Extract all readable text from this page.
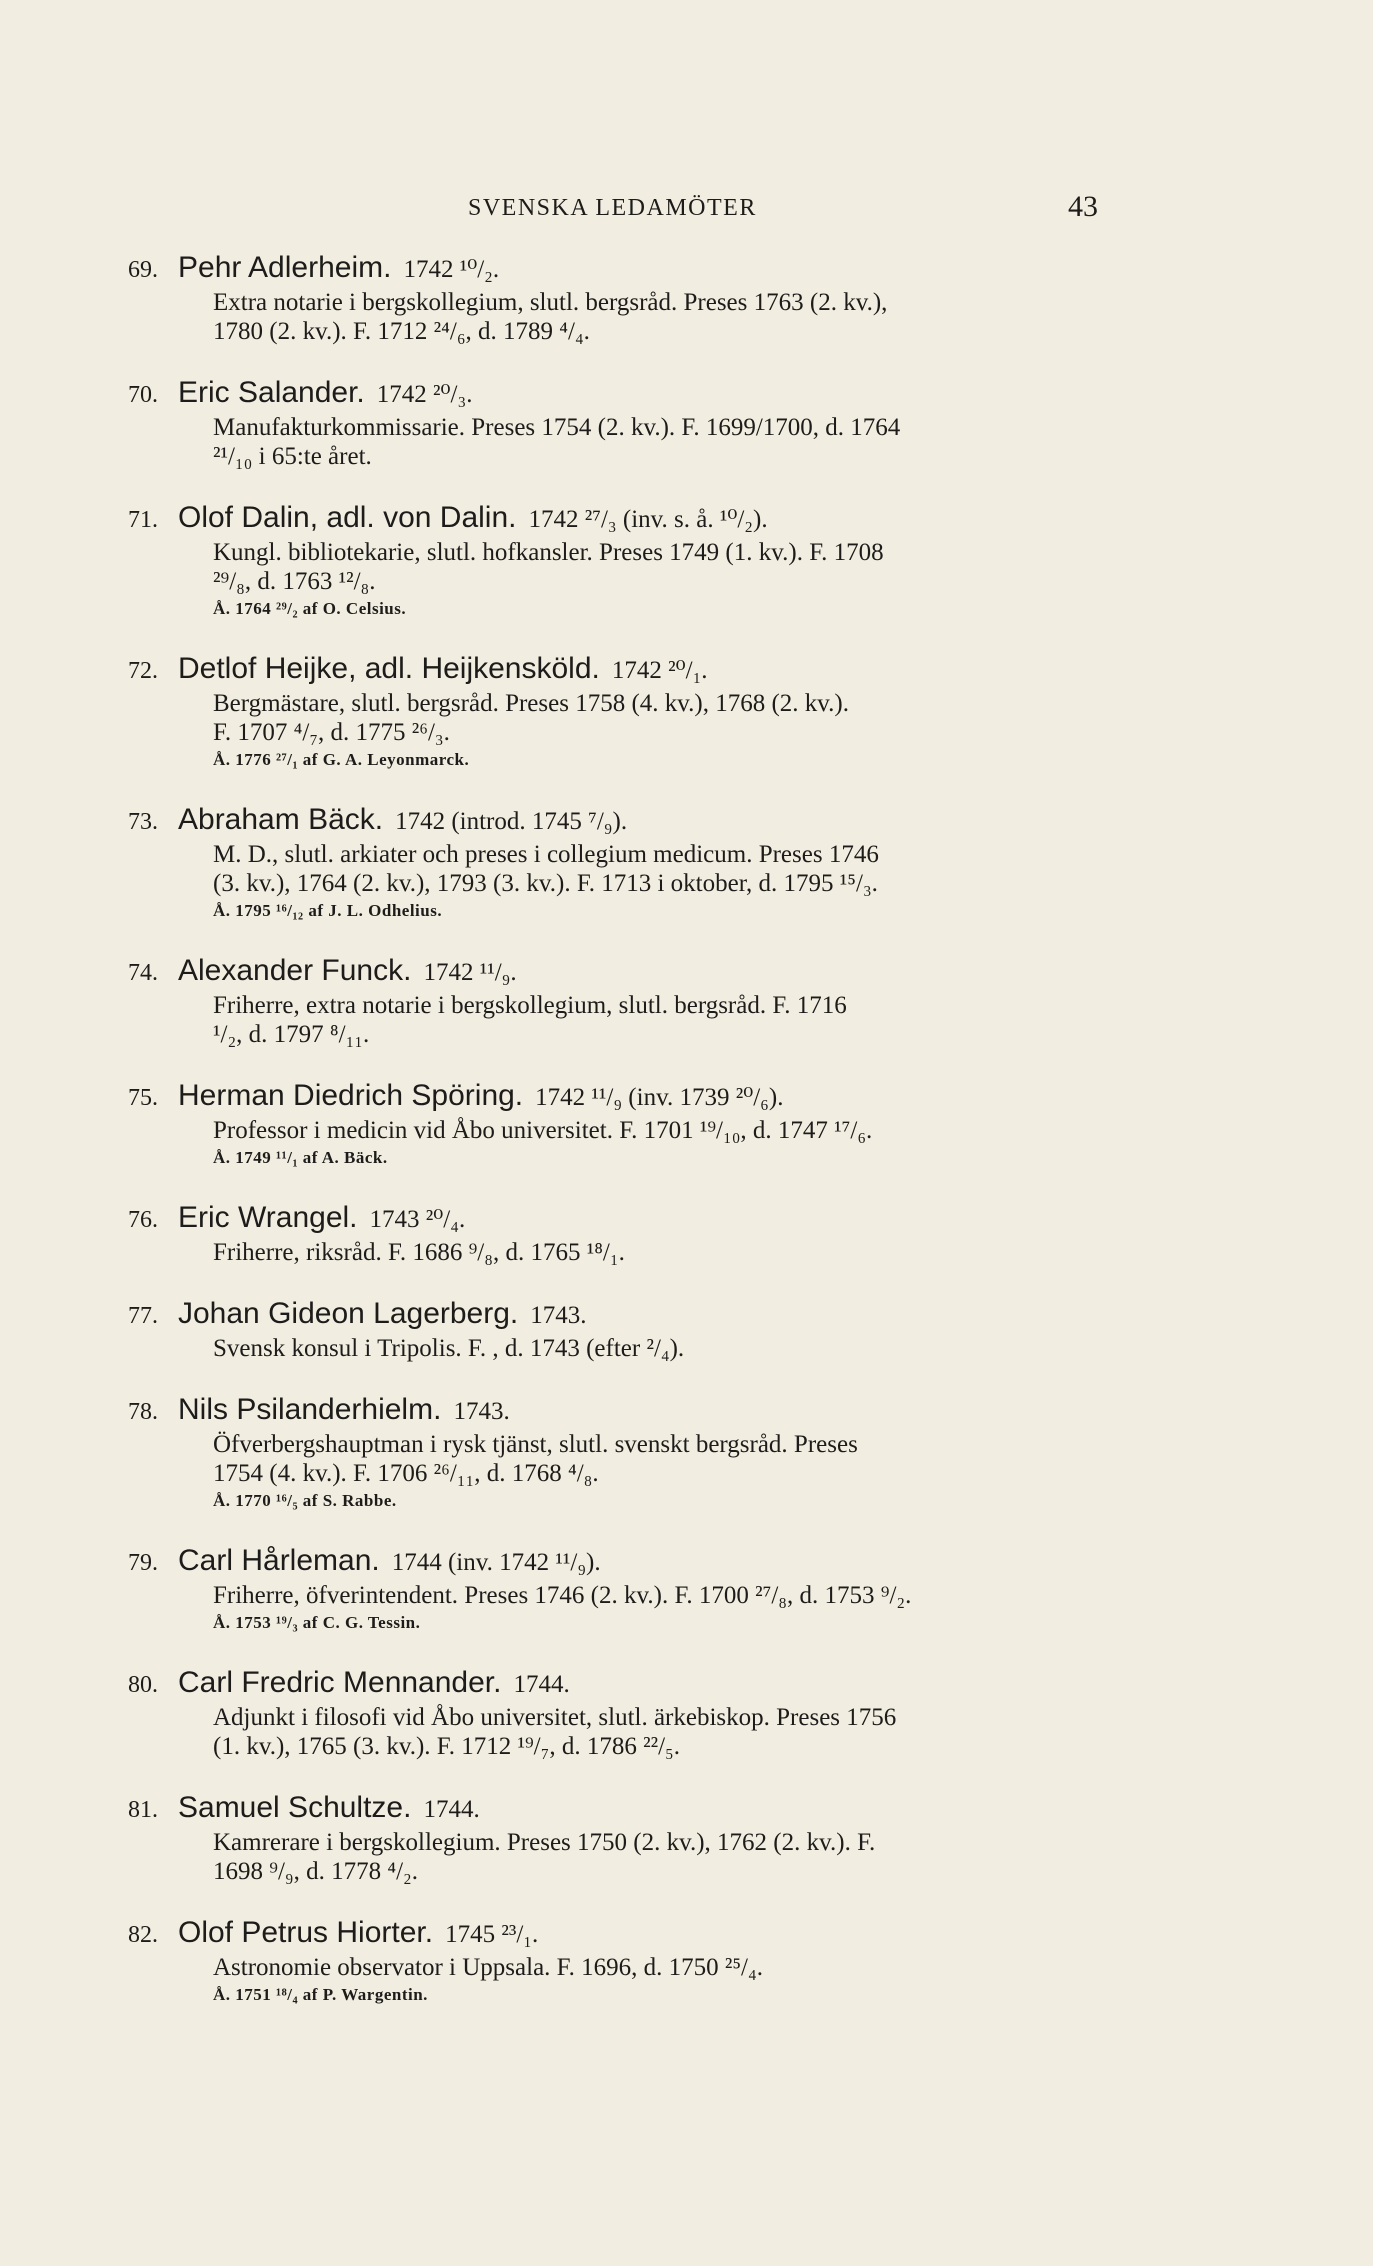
SVENSKA LEDAMÖTER	43
69. Pehr Adlerheim. 1742 ¹⁰/₂.
Extra notarie i bergskollegium, slutl. bergsråd. Preses 1763 (2. kv.),
1780 (2. kv.). F. 1712 ²⁴/₆, d. 1789 ⁴/₄.
70. Eric Salander. 1742 ²⁰/₃.
Manufakturkommissarie. Preses 1754 (2. kv.). F. 1699/1700, d. 1764
²¹/₁₀ i 65:te året.
71. Olof Dalin, adl. von Dalin. 1742 ²⁷/₃ (inv. s. å. ¹⁰/₂).
Kungl. bibliotekarie, slutl. hofkansler. Preses 1749 (1. kv.). F. 1708
²⁹/₈, d. 1763 ¹²/₈.
Å. 1764 ²⁹/₂ af O. Celsius.
72. Detlof Heijke, adl. Heijkensköld. 1742 ²⁰/₁.
Bergmästare, slutl. bergsråd. Preses 1758 (4. kv.), 1768 (2. kv.).
F. 1707 ⁴/₇, d. 1775 ²⁶/₃.
Å. 1776 ²⁷/₁ af G. A. Leyonmarck.
73. Abraham Bäck. 1742 (introd. 1745 ⁷/₉).
M. D., slutl. arkiater och preses i collegium medicum. Preses 1746
(3. kv.), 1764 (2. kv.), 1793 (3. kv.). F. 1713 i oktober, d. 1795 ¹⁵/₃.
Å. 1795 ¹⁶/₁₂ af J. L. Odhelius.
74. Alexander Funck. 1742 ¹¹/₉.
Friherre, extra notarie i bergskollegium, slutl. bergsråd. F. 1716
¹/₂, d. 1797 ⁸/₁₁.
75. Herman Diedrich Spöring. 1742 ¹¹/₉ (inv. 1739 ²⁰/₆).
Professor i medicin vid Åbo universitet. F. 1701 ¹⁹/₁₀, d. 1747 ¹⁷/₆.
Å. 1749 ¹¹/₁ af A. Bäck.
76. Eric Wrangel. 1743 ²⁰/₄.
Friherre, riksråd. F. 1686 ⁹/₈, d. 1765 ¹⁸/₁.
77. Johan Gideon Lagerberg. 1743.
Svensk konsul i Tripolis. F. , d. 1743 (efter ²/₄).
78. Nils Psilanderhielm. 1743.
Öfverbergshauptman i rysk tjänst, slutl. svenskt bergsråd. Preses
1754 (4. kv.). F. 1706 ²⁶/₁₁, d. 1768 ⁴/₈.
Å. 1770 ¹⁶/₅ af S. Rabbe.
79. Carl Hårleman. 1744 (inv. 1742 ¹¹/₉).
Friherre, öfverintendent. Preses 1746 (2. kv.). F. 1700 ²⁷/₈, d. 1753 ⁹/₂.
Å. 1753 ¹⁹/₃ af C. G. Tessin.
80. Carl Fredric Mennander. 1744.
Adjunkt i filosofi vid Åbo universitet, slutl. ärkebiskop. Preses 1756
(1. kv.), 1765 (3. kv.). F. 1712 ¹⁹/₇, d. 1786 ²²/₅.
81. Samuel Schultze. 1744.
Kamrerare i bergskollegium. Preses 1750 (2. kv.), 1762 (2. kv.). F.
1698 ⁹/₉, d. 1778 ⁴/₂.
82. Olof Petrus Hiorter. 1745 ²³/₁.
Astronomie observator i Uppsala. F. 1696, d. 1750 ²⁵/₄.
Å. 1751 ¹⁸/₄ af P. Wargentin.
